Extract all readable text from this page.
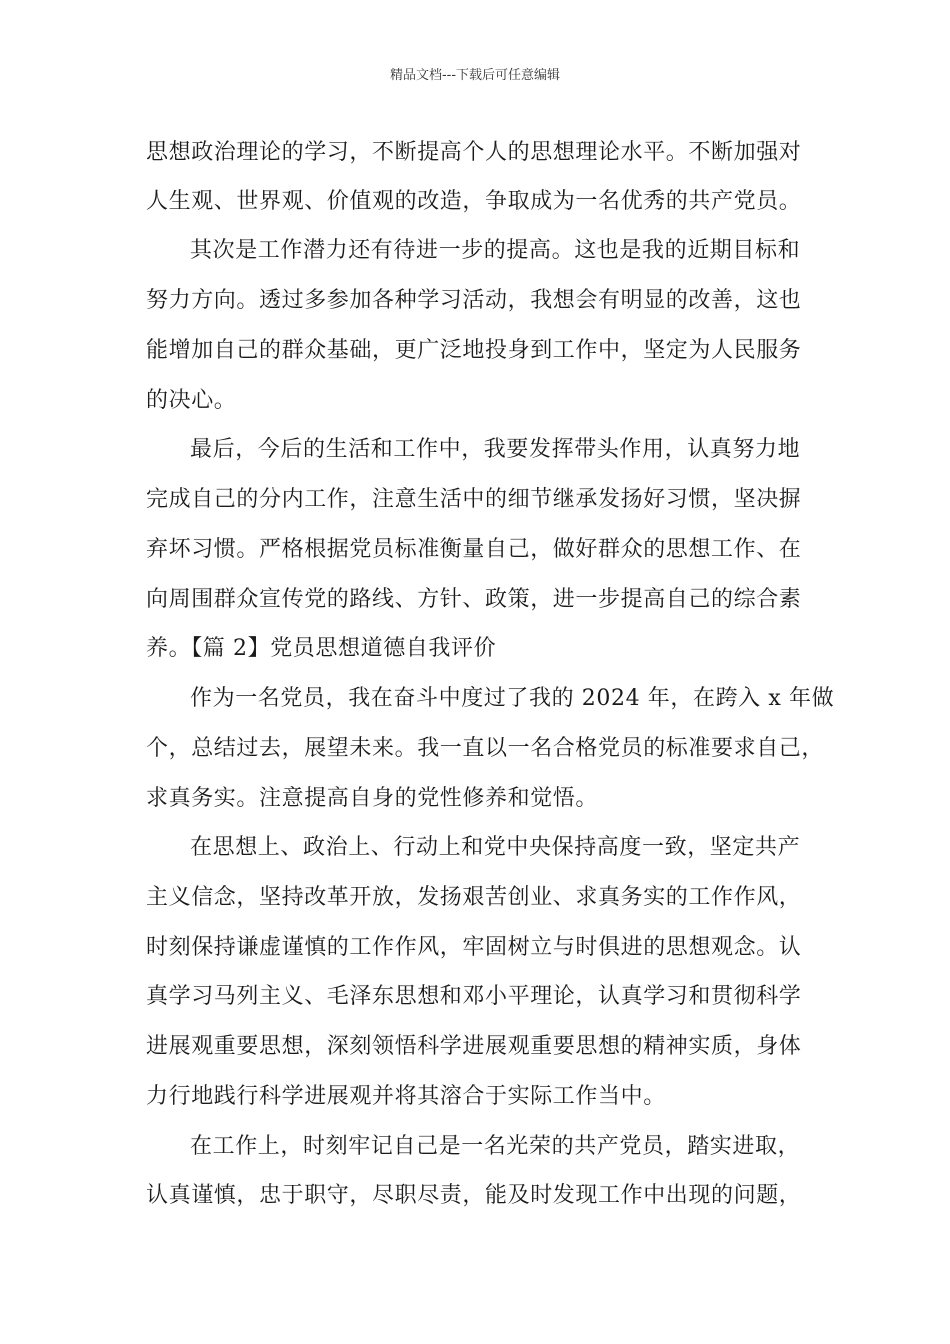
精品文档---下载后可任意编辑
思想政治理论的学习，不断提高个人的思想理论水平。不断加强对
人生观、世界观、价值观的改造，争取成为一名优秀的共产党员。
其次是工作潜力还有待进一步的提高。这也是我的近期目标和
努力方向。透过多参加各种学习活动，我想会有明显的改善，这也
能增加自己的群众基础，更广泛地投身到工作中，坚定为人民服务
的决心。
最后，今后的生活和工作中，我要发挥带头作用，认真努力地
完成自己的分内工作，注意生活中的细节继承发扬好习惯，坚决摒
弃坏习惯。严格根据党员标准衡量自己，做好群众的思想工作、在
向周围群众宣传党的路线、方针、政策，进一步提高自己的综合素
养。【篇 2】党员思想道德自我评价
作为一名党员，我在奋斗中度过了我的 2024 年，在跨入 x 年做
个，总结过去，展望未来。我一直以一名合格党员的标准要求自己，
求真务实。注意提高自身的党性修养和觉悟。
在思想上、政治上、行动上和党中央保持高度一致，坚定共产
主义信念，坚持改革开放，发扬艰苦创业、求真务实的工作作风，
时刻保持谦虚谨慎的工作作风，牢固树立与时俱进的思想观念。认
真学习马列主义、毛泽东思想和邓小平理论，认真学习和贯彻科学
进展观重要思想，深刻领悟科学进展观重要思想的精神实质，身体
力行地践行科学进展观并将其溶合于实际工作当中。
在工作上，时刻牢记自己是一名光荣的共产党员，踏实进取，
认真谨慎，忠于职守，尽职尽责，能及时发现工作中出现的问题，
